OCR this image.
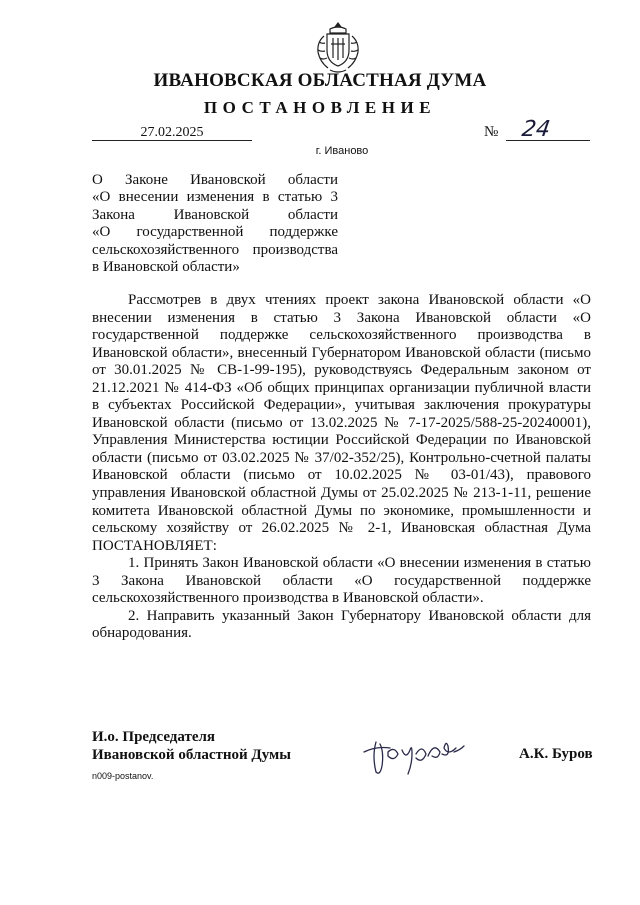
ИВАНОВСКАЯ ОБЛАСТНАЯ ДУМА
ПОСТАНОВЛЕНИЕ
27.02.2025	№ 24
г. Иваново
О Законе Ивановской области
«О внесении изменения в статью 3
Закона Ивановской области
«О государственной поддержке
сельскохозяйственного производства
в Ивановской области»

Рассмотрев в двух чтениях проект закона Ивановской области «О внесении изменения в статью 3 Закона Ивановской области «О государственной поддержке сельскохозяйственного производства в Ивановской области», внесенный Губернатором Ивановской области (письмо от 30.01.2025 № СВ-1-99-195), руководствуясь Федеральным законом от 21.12.2021 № 414-ФЗ «Об общих принципах организации публичной власти в субъектах Российской Федерации», учитывая заключения прокуратуры Ивановской области (письмо от 13.02.2025 № 7-17-2025/588-25-20240001), Управления Министерства юстиции Российской Федерации по Ивановской области (письмо от 03.02.2025 № 37/02-352/25), Контрольно-счетной палаты Ивановской области (письмо от 10.02.2025 № 03-01/43), правового управления Ивановской областной Думы от 25.02.2025 № 213-1-11, решение комитета Ивановской областной Думы по экономике, промышленности и сельскому хозяйству от 26.02.2025 № 2-1, Ивановская областная Дума ПОСТАНОВЛЯЕТ:

1. Принять Закон Ивановской области «О внесении изменения в статью 3 Закона Ивановской области «О государственной поддержке сельскохозяйственного производства в Ивановской области».

2. Направить указанный Закон Губернатору Ивановской области для обнародования.

И.о. Председателя
Ивановской областной Думы	А.К. Буров
n009-postanov.
